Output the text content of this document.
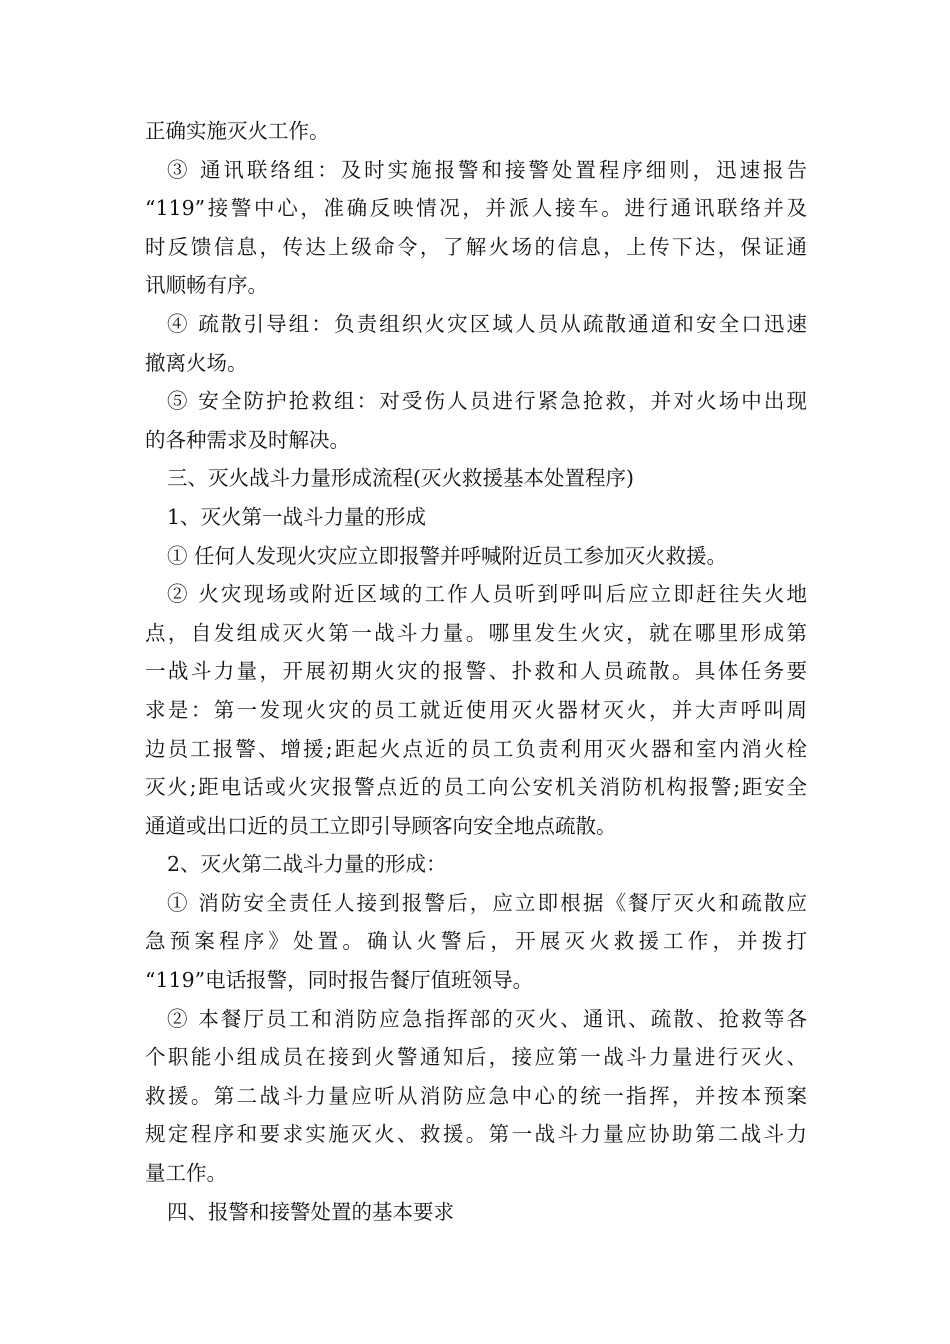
正确实施灭火工作。
③ 通讯联络组：及时实施报警和接警处置程序细则，迅速报告
“119”接警中心，准确反映情况，并派人接车。进行通讯联络并及
时反馈信息，传达上级命令，了解火场的信息，上传下达，保证通
讯顺畅有序。
④ 疏散引导组：负责组织火灾区域人员从疏散通道和安全口迅速
撤离火场。
⑤ 安全防护抢救组：对受伤人员进行紧急抢救，并对火场中出现
的各种需求及时解决。
三、灭火战斗力量形成流程(灭火救援基本处置程序)
1、灭火第一战斗力量的形成
① 任何人发现火灾应立即报警并呼喊附近员工参加灭火救援。
② 火灾现场或附近区域的工作人员听到呼叫后应立即赶往失火地
点，自发组成灭火第一战斗力量。哪里发生火灾，就在哪里形成第
一战斗力量，开展初期火灾的报警、扑救和人员疏散。具体任务要
求是：第一发现火灾的员工就近使用灭火器材灭火，并大声呼叫周
边员工报警、增援;距起火点近的员工负责利用灭火器和室内消火栓
灭火;距电话或火灾报警点近的员工向公安机关消防机构报警;距安全
通道或出口近的员工立即引导顾客向安全地点疏散。
2、灭火第二战斗力量的形成：
① 消防安全责任人接到报警后，应立即根据《餐厅灭火和疏散应
急预案程序》处置。确认火警后，开展灭火救援工作，并拨打
“119”电话报警，同时报告餐厅值班领导。
② 本餐厅员工和消防应急指挥部的灭火、通讯、疏散、抢救等各
个职能小组成员在接到火警通知后，接应第一战斗力量进行灭火、
救援。第二战斗力量应听从消防应急中心的统一指挥，并按本预案
规定程序和要求实施灭火、救援。第一战斗力量应协助第二战斗力
量工作。
四、报警和接警处置的基本要求
